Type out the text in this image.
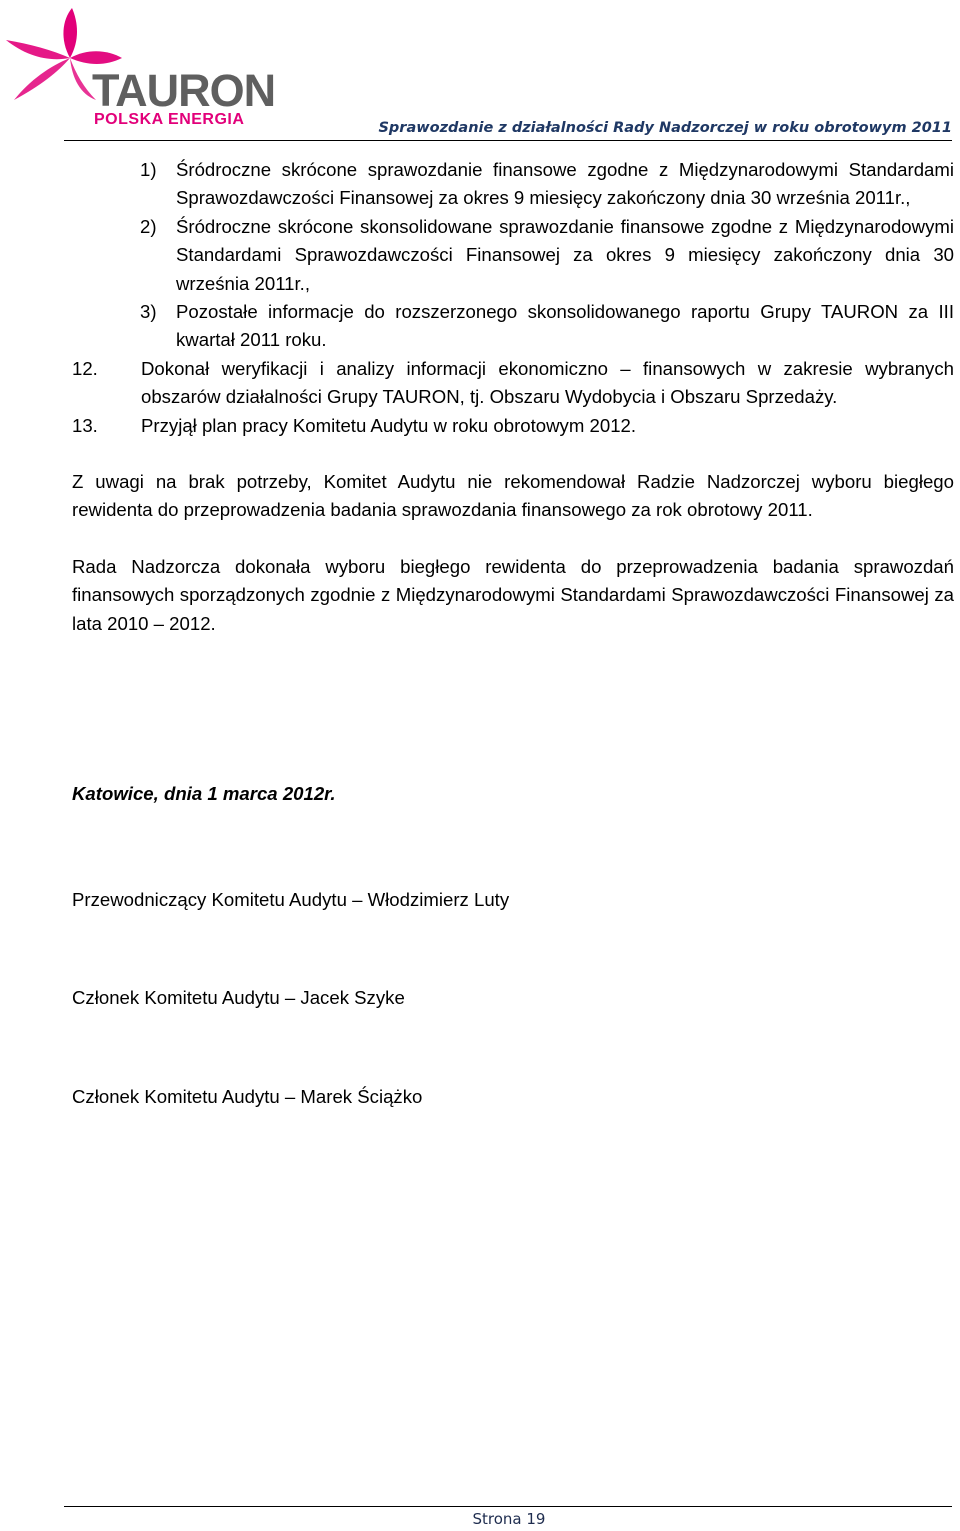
TAURON

POLSKA ENERGIA	Sprawozdanie z działalności Rady Nadzorczej w roku obrotowym 2011

1)	Śródroczne skrócone sprawozdanie finansowe zgodne z Międzynarodowymi Standardami Sprawozdawczości Finansowej za okres 9 miesięcy zakończony dnia 30 września 2011r.,
2)	Śródroczne skrócone skonsolidowane sprawozdanie finansowe zgodne z Międzynarodowymi Standardami Sprawozdawczości Finansowej za okres 9 miesięcy zakończony dnia 30 września 2011r.,
3)	Pozostałe informacje do rozszerzonego skonsolidowanego raportu Grupy TAURON za III kwartał 2011 roku.
12.	Dokonał weryfikacji i analizy informacji ekonomiczno – finansowych w zakresie wybranych obszarów działalności Grupy TAURON, tj. Obszaru Wydobycia i Obszaru Sprzedaży.
13.	Przyjął plan pracy Komitetu Audytu w roku obrotowym 2012.

Z uwagi na brak potrzeby, Komitet Audytu nie rekomendował Radzie Nadzorczej wyboru biegłego rewidenta do przeprowadzenia badania sprawozdania finansowego za rok obrotowy 2011.

Rada Nadzorcza dokonała wyboru biegłego rewidenta do przeprowadzenia badania sprawozdań finansowych sporządzonych zgodnie z Międzynarodowymi Standardami Sprawozdawczości Finansowej za lata 2010 – 2012.

Katowice, dnia 1 marca 2012r.

Przewodniczący Komitetu Audytu – Włodzimierz Luty

Członek Komitetu Audytu – Jacek Szyke

Członek Komitetu Audytu – Marek Ściążko

Strona 19
